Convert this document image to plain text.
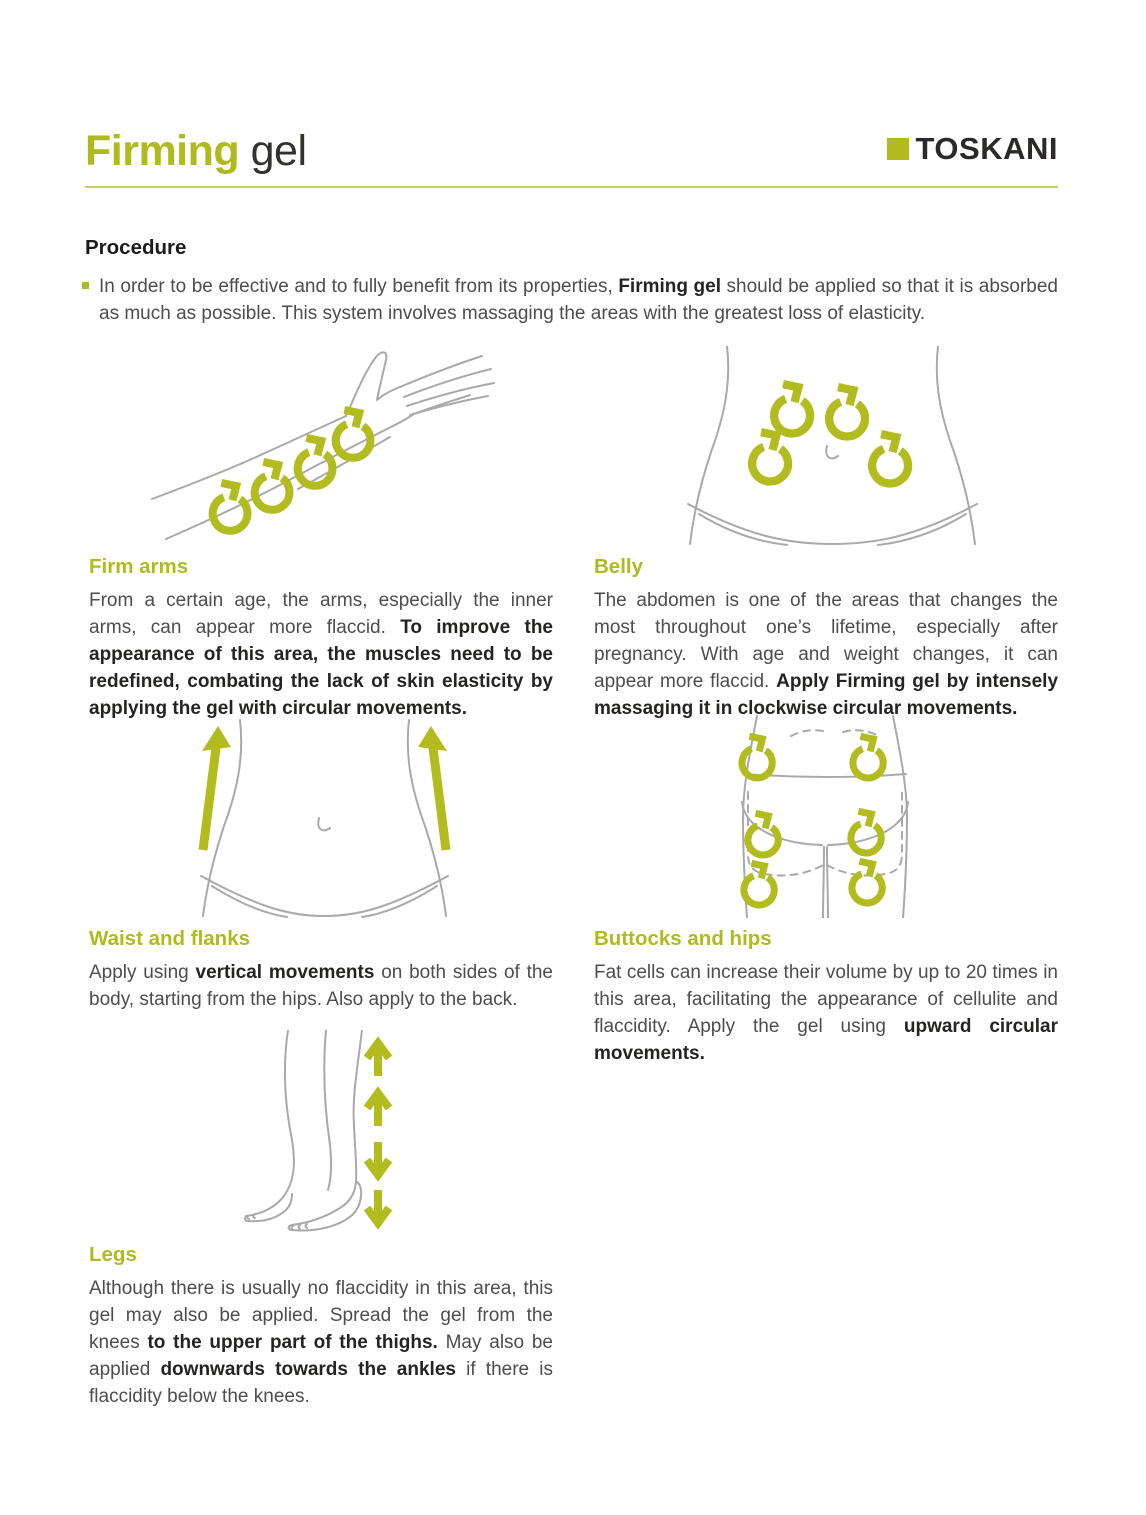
Firming gel	TOSKANI
Procedure

In order to be effective and to fully benefit from its properties, Firming gel should be applied so that it is absorbed as much as possible. This system involves massaging the areas with the greatest loss of elasticity.

Firm arms

From a certain age, the arms, especially the inner arms, can appear more flaccid. To improve the appearance of this area, the muscles need to be redefined, combating the lack of skin elasticity by applying the gel with circular movements.

Belly

The abdomen is one of the areas that changes the most throughout one’s lifetime, especially after pregnancy. With age and weight changes, it can appear more flaccid. Apply Firming gel by intensely massaging it in clockwise circular movements.

Waist and flanks

Apply using vertical movements on both sides of the body, starting from the hips. Also apply to the back.

Buttocks and hips

Fat cells can increase their volume by up to 20 times in this area, facilitating the appearance of cellulite and flaccidity. Apply the gel using upward circular movements.

Legs

Although there is usually no flaccidity in this area, this gel may also be applied. Spread the gel from the knees to the upper part of the thighs. May also be applied downwards towards the ankles if there is flaccidity below the knees.
